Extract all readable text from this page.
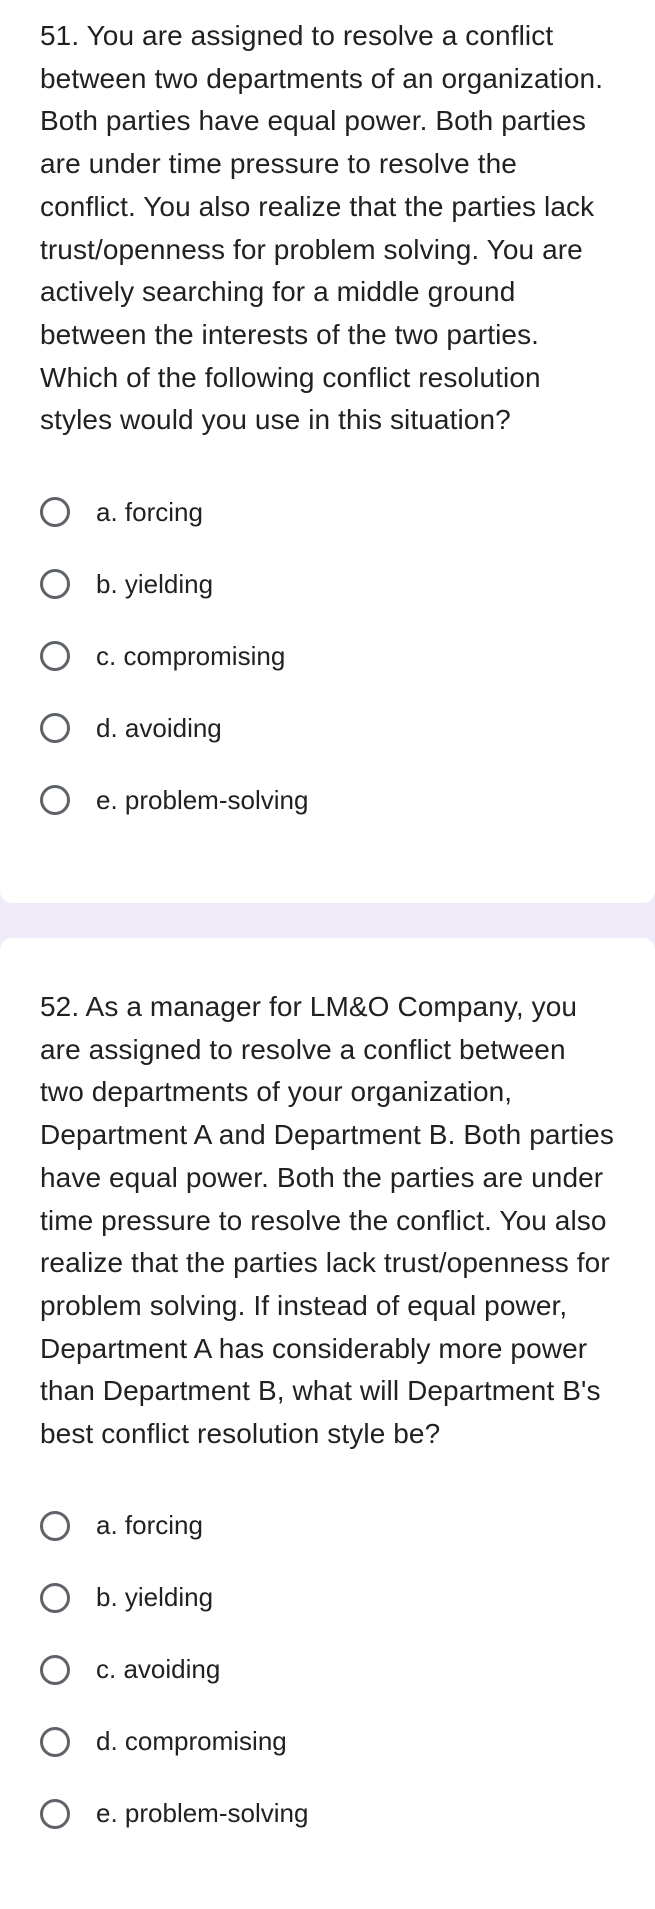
51. You are assigned to resolve a conflict between two departments of an organization. Both parties have equal power. Both parties are under time pressure to resolve the conflict. You also realize that the parties lack trust/openness for problem solving. You are actively searching for a middle ground between the interests of the two parties. Which of the following conflict resolution styles would you use in this situation?

a. forcing
b. yielding
c. compromising
d. avoiding
e. problem-solving

52. As a manager for LM&O Company, you are assigned to resolve a conflict between two departments of your organization, Department A and Department B. Both parties have equal power. Both the parties are under time pressure to resolve the conflict. You also realize that the parties lack trust/openness for problem solving. If instead of equal power, Department A has considerably more power than Department B, what will Department B's best conflict resolution style be?

a. forcing
b. yielding
c. avoiding
d. compromising
e. problem-solving
